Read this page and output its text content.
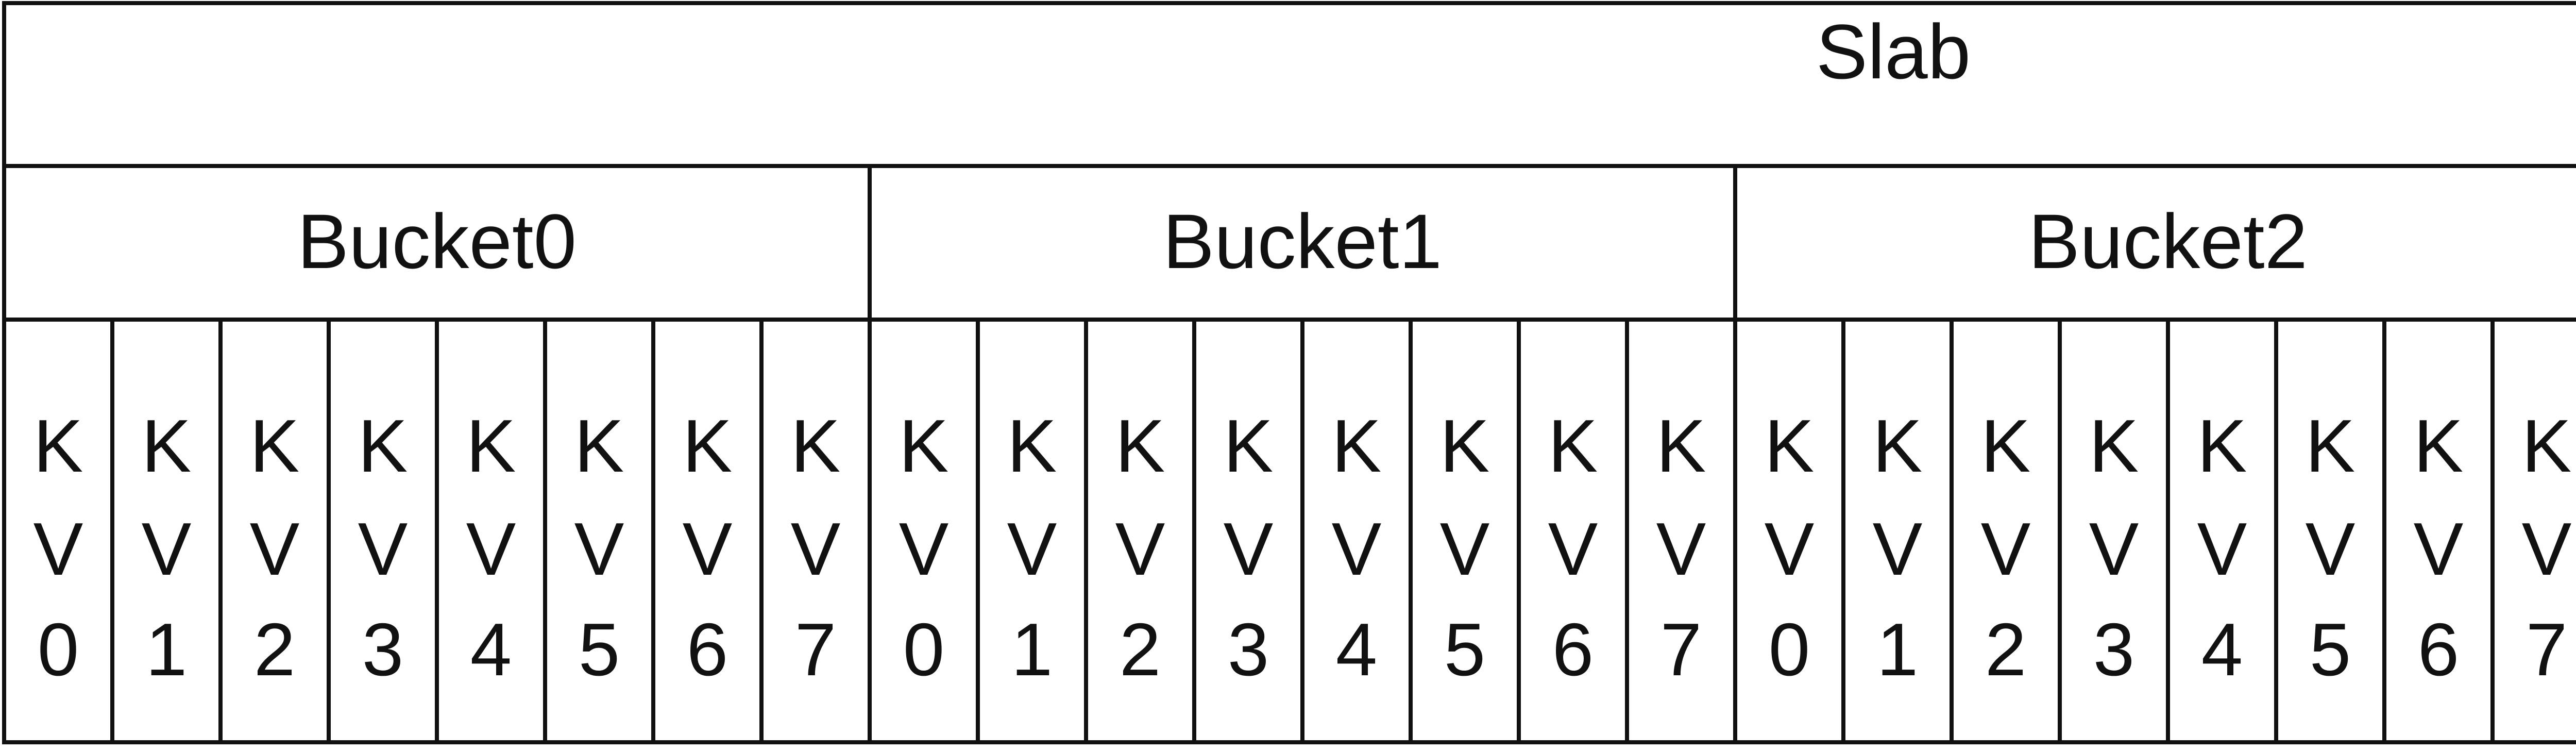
Slab
Bucket0
K
V
0
K
V
1
K
V
2
K
V
3
K
V
4
K
V
5
K
V
6
K
V
7
Bucket1
K
V
0
K
V
1
K
V
2
K
V
3
K
V
4
K
V
5
K
V
6
K
V
7
Bucket2
K
V
0
K
V
1
K
V
2
K
V
3
K
V
4
K
V
5
K
V
6
K
V
7
